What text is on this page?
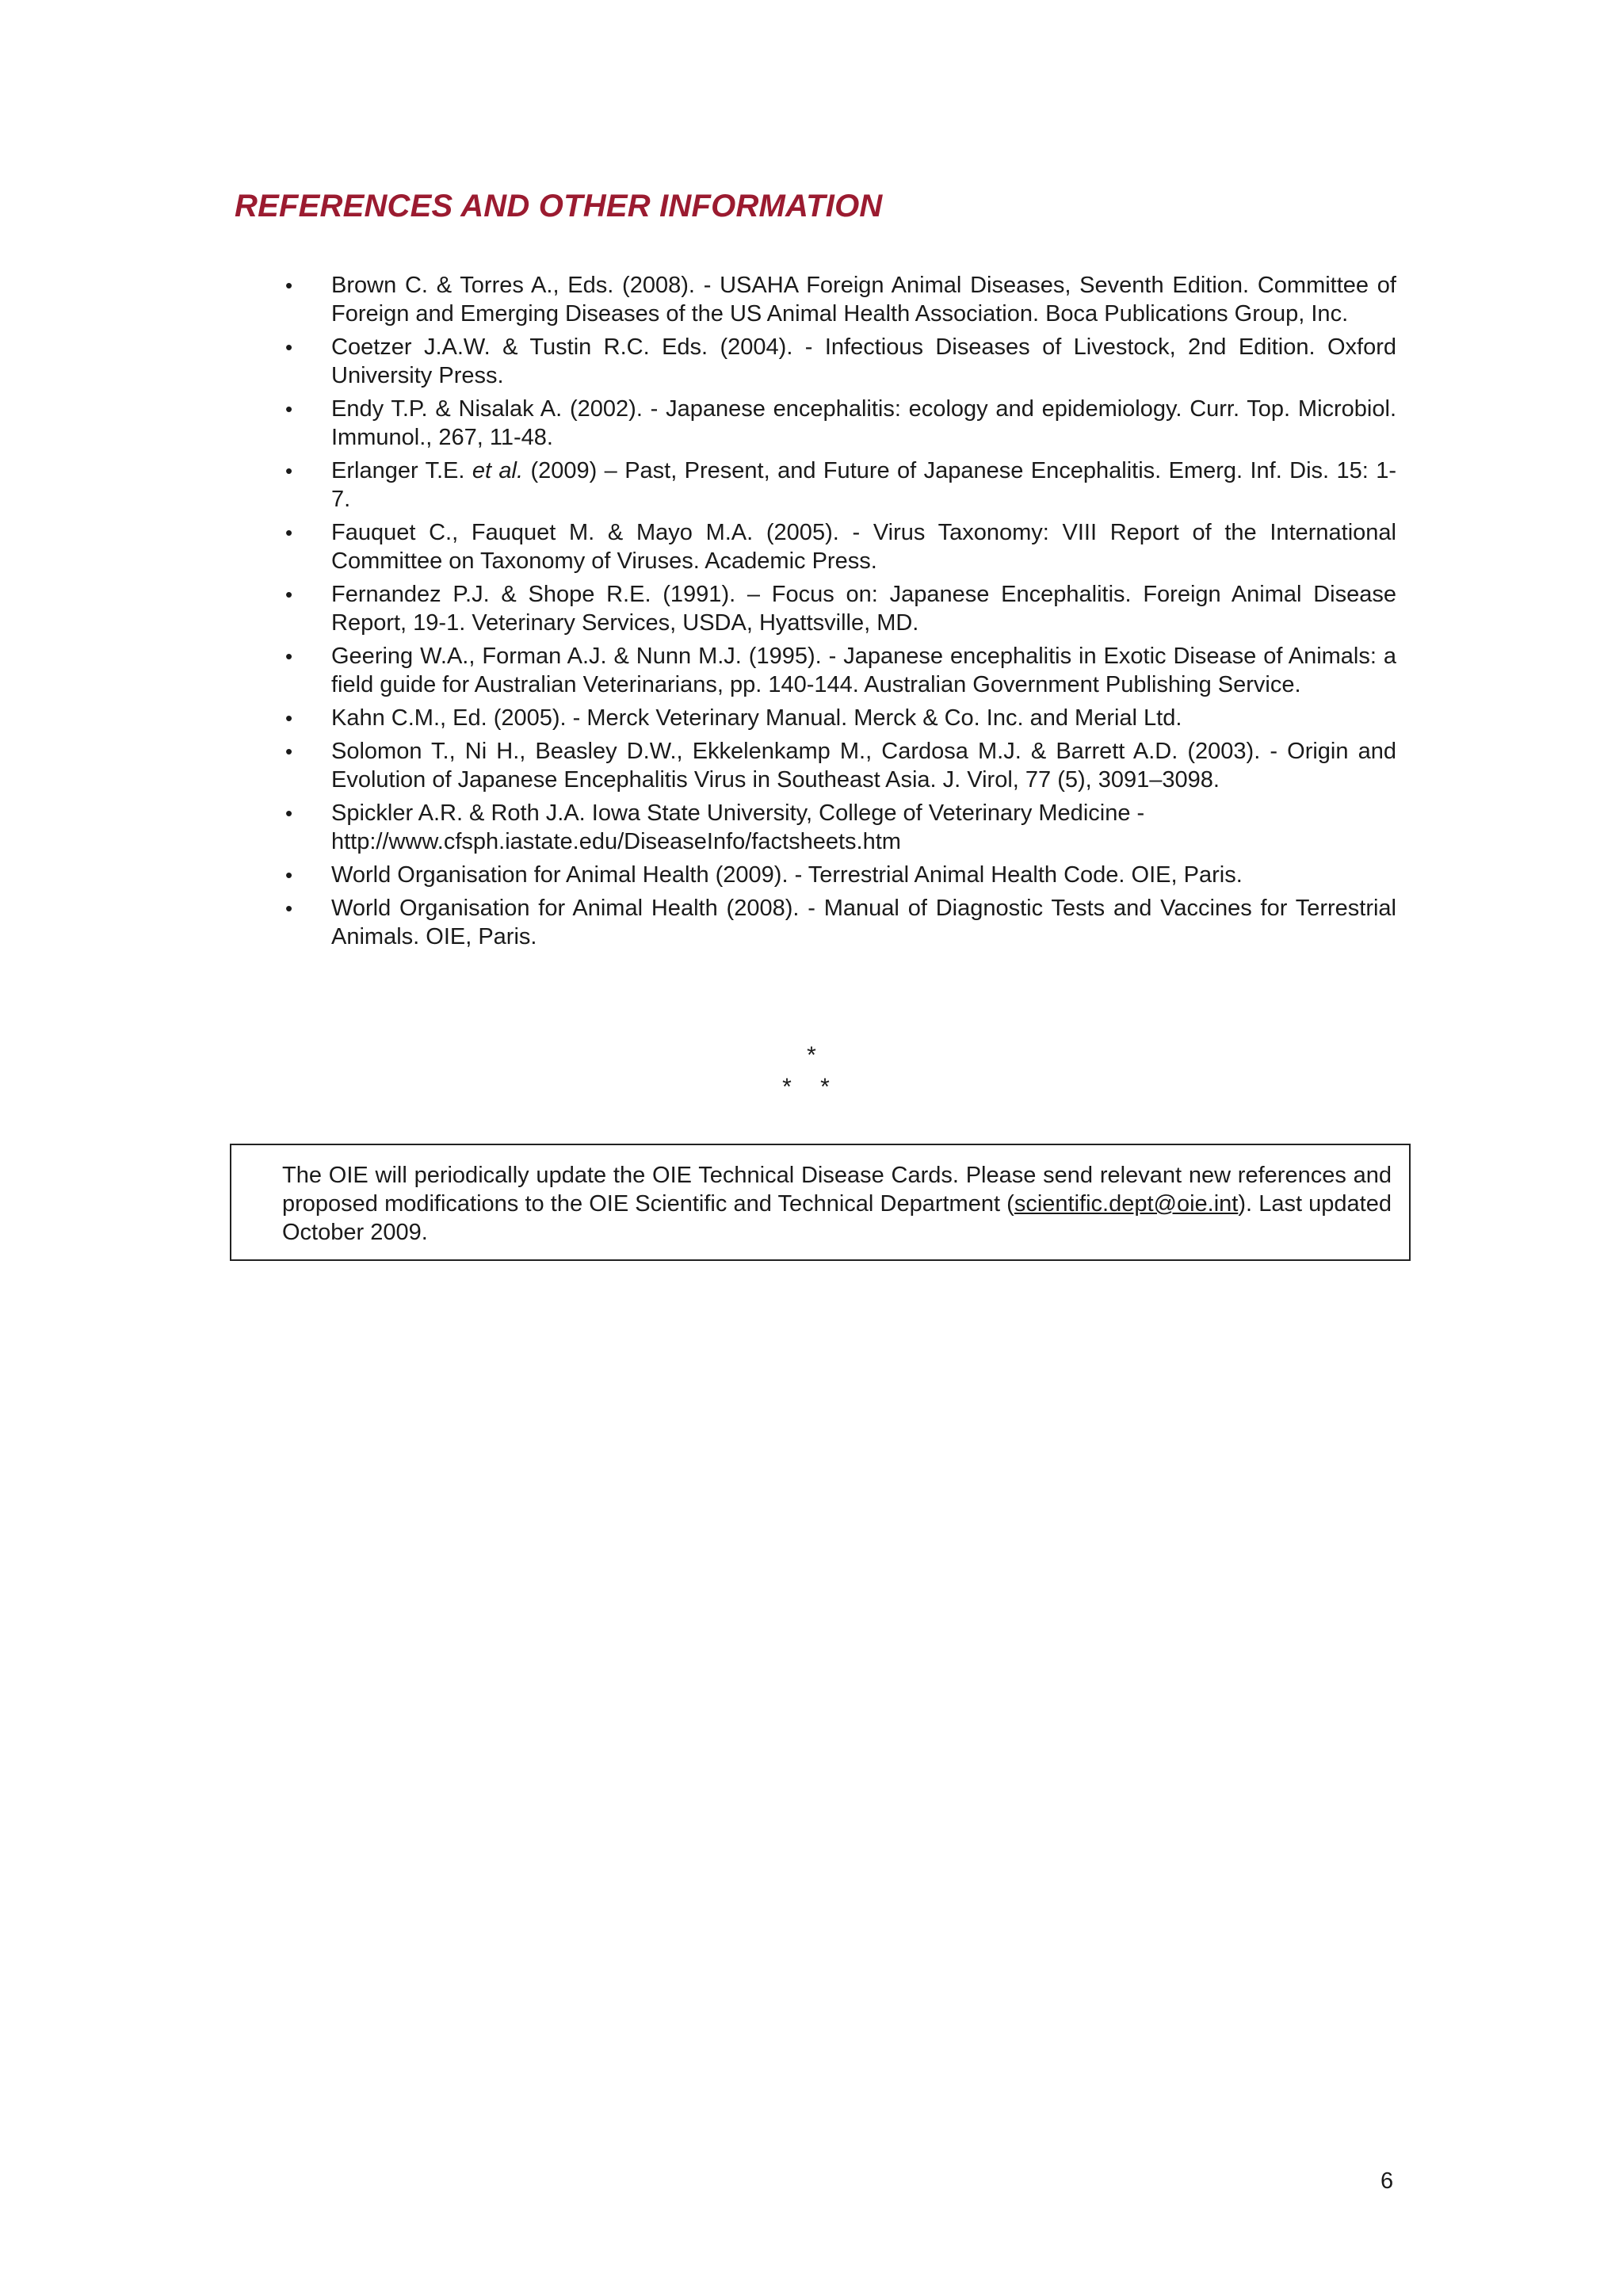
REFERENCES AND OTHER INFORMATION
• Brown C. & Torres A., Eds. (2008). - USAHA Foreign Animal Diseases, Seventh Edition. Committee of Foreign and Emerging Diseases of the US Animal Health Association. Boca Publications Group, Inc.
• Coetzer J.A.W. & Tustin R.C. Eds. (2004). - Infectious Diseases of Livestock, 2nd Edition. Oxford University Press.
• Endy T.P. & Nisalak A. (2002). - Japanese encephalitis: ecology and epidemiology. Curr. Top. Microbiol. Immunol., 267, 11-48.
• Erlanger T.E. et al. (2009) – Past, Present, and Future of Japanese Encephalitis. Emerg. Inf. Dis. 15: 1-7.
• Fauquet C., Fauquet M. & Mayo M.A. (2005). - Virus Taxonomy: VIII Report of the International Committee on Taxonomy of Viruses. Academic Press.
• Fernandez P.J. & Shope R.E. (1991). – Focus on: Japanese Encephalitis. Foreign Animal Disease Report, 19-1. Veterinary Services, USDA, Hyattsville, MD.
• Geering W.A., Forman A.J. & Nunn M.J. (1995). - Japanese encephalitis in Exotic Disease of Animals: a field guide for Australian Veterinarians, pp. 140-144. Australian Government Publishing Service.
• Kahn C.M., Ed. (2005). - Merck Veterinary Manual. Merck & Co. Inc. and Merial Ltd.
• Solomon T., Ni H., Beasley D.W., Ekkelenkamp M., Cardosa M.J. & Barrett A.D. (2003). - Origin and Evolution of Japanese Encephalitis Virus in Southeast Asia. J. Virol, 77 (5), 3091–3098.
• Spickler A.R. & Roth J.A. Iowa State University, College of Veterinary Medicine -
http://www.cfsph.iastate.edu/DiseaseInfo/factsheets.htm
• World Organisation for Animal Health (2009). - Terrestrial Animal Health Code. OIE, Paris.
• World Organisation for Animal Health (2008). - Manual of Diagnostic Tests and Vaccines for Terrestrial Animals. OIE, Paris.
*
* *

The OIE will periodically update the OIE Technical Disease Cards. Please send relevant new references and proposed modifications to the OIE Scientific and Technical Department (scientific.dept@oie.int). Last updated October 2009.

6
